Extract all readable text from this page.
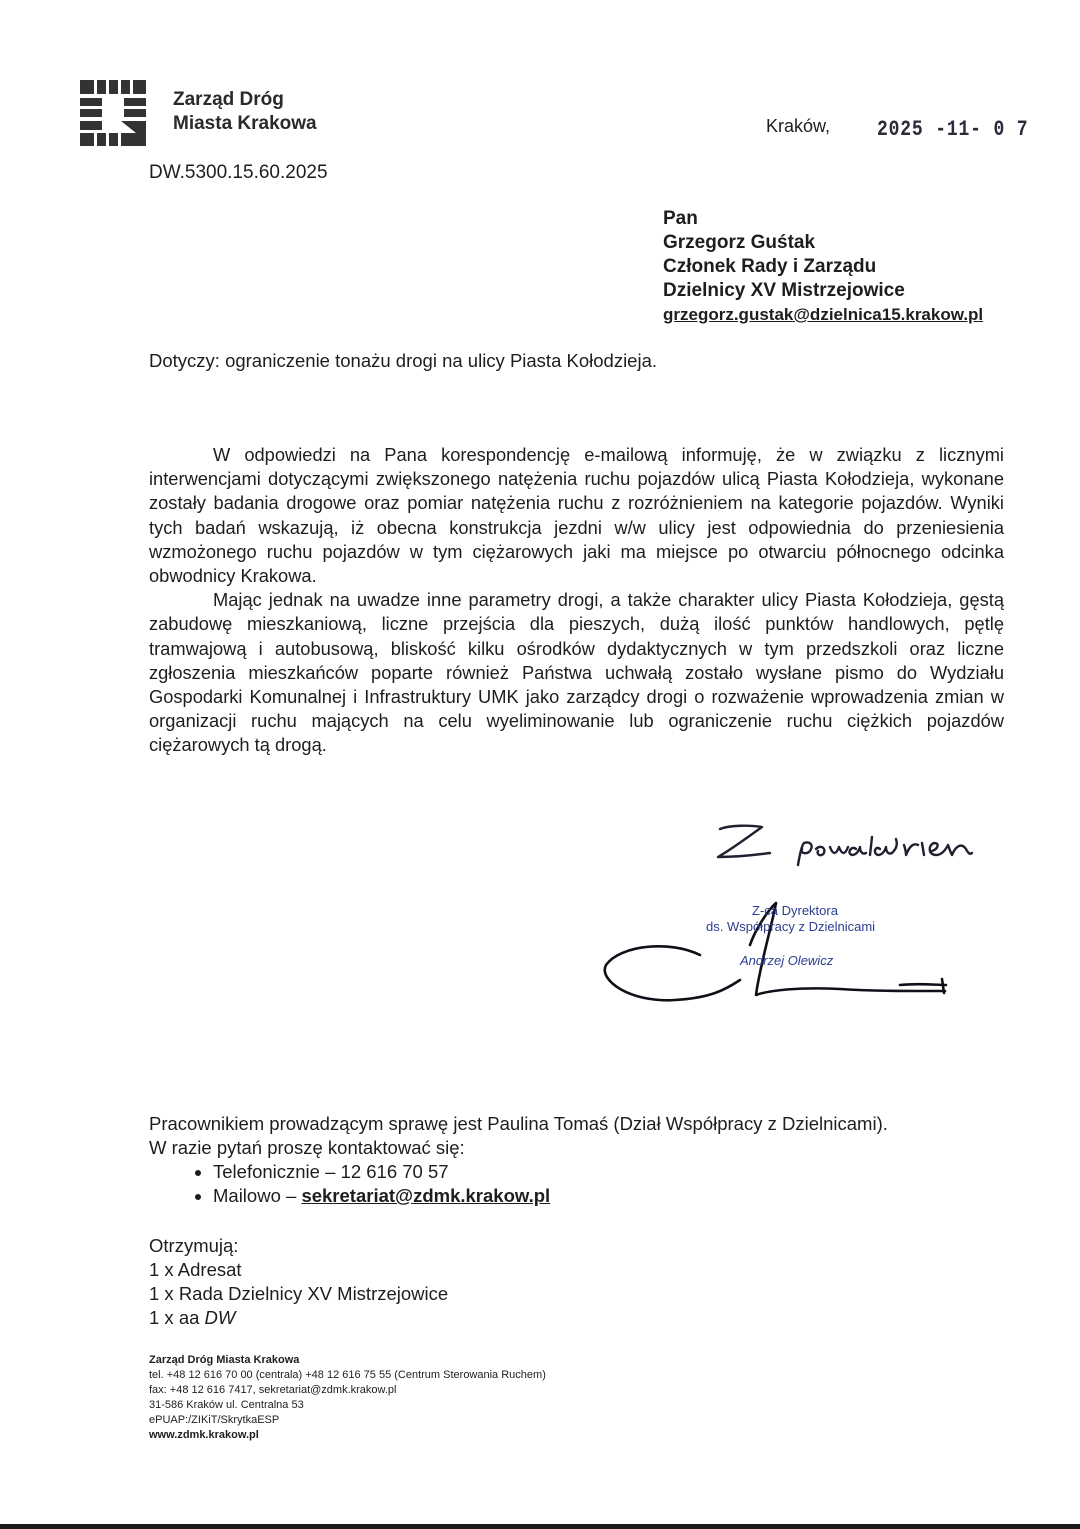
Zarząd Dróg
Miasta Krakowa
DW.5300.15.60.2025
Kraków, 2025 -11- 0 7
Pan
Grzegorz Guśtak
Członek Rady i Zarządu
Dzielnicy XV Mistrzejowice
grzegorz.gustak@dzielnica15.krakow.pl
Dotyczy: ograniczenie tonażu drogi na ulicy Piasta Kołodzieja.

W odpowiedzi na Pana korespondencję e-mailową informuję, że w związku z licznymi interwencjami dotyczącymi zwiększonego natężenia ruchu pojazdów ulicą Piasta Kołodzieja, wykonane zostały badania drogowe oraz pomiar natężenia ruchu z rozróżnieniem na kategorie pojazdów. Wyniki tych badań wskazują, iż obecna konstrukcja jezdni w/w ulicy jest odpowiednia do przeniesienia wzmożonego ruchu pojazdów w tym ciężarowych jaki ma miejsce po otwarciu północnego odcinka obwodnicy Krakowa.

Mając jednak na uwadze inne parametry drogi, a także charakter ulicy Piasta Kołodzieja, gęstą zabudowę mieszkaniową, liczne przejścia dla pieszych, dużą ilość punktów handlowych, pętlę tramwajową i autobusową, bliskość kilku ośrodków dydaktycznych w tym przedszkoli oraz liczne zgłoszenia mieszkańców poparte również Państwa uchwałą zostało wysłane pismo do Wydziału Gospodarki Komunalnej i Infrastruktury UMK jako zarządcy drogi o rozważenie wprowadzenia zmian w organizacji ruchu mających na celu wyeliminowanie lub ograniczenie ruchu ciężkich pojazdów ciężarowych tą drogą.

Z-ca Dyrektora
ds. Współpracy z Dzielnicami
Andrzej Olewicz
Pracownikiem prowadzącym sprawę jest Paulina Tomaś (Dział Współpracy z Dzielnicami).
W razie pytań proszę kontaktować się:
• Telefonicznie – 12 616 70 57
• Mailowo – sekretariat@zdmk.krakow.pl
Otrzymują:
1 x Adresat
1 x Rada Dzielnicy XV Mistrzejowice
1 x aa DW
Zarząd Dróg Miasta Krakowa
tel. +48 12 616 70 00 (centrala) +48 12 616 75 55 (Centrum Sterowania Ruchem)
fax: +48 12 616 7417, sekretariat@zdmk.krakow.pl
31-586 Kraków ul. Centralna 53
ePUAP:/ZIKiT/SkrytkaESP
www.zdmk.krakow.pl
